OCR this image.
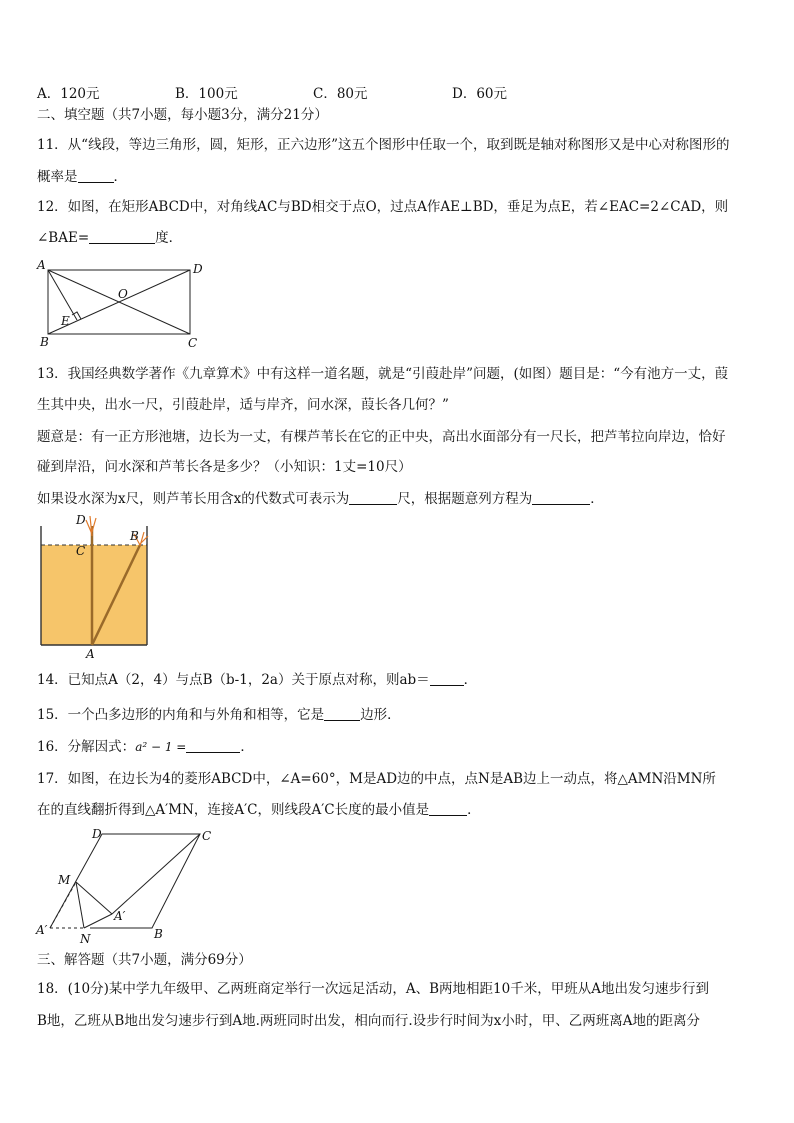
A．120元	B．100元	C．80元	D．60元
二、填空题（共7小题，每小题3分，满分21分）
11．从“线段，等边三角形，圆，矩形，正六边形”这五个图形中任取一个，取到既是轴对称图形又是中心对称图形的
概率是	．
12．如图，在矩形ABCD中，对角线AC与BD相交于点O，过点A作AE⊥BD，垂足为点E，若∠EAC=2∠CAD，则
∠BAE=	度．
A	D
B	C
O
E
13．我国经典数学著作《九章算术》中有这样一道名题，就是“引葭赴岸”问题，(如图）题目是：“今有池方一丈，葭
生其中央，出水一尺，引葭赴岸，适与岸齐，问水深，葭长各几何？”
题意是：有一正方形池塘，边长为一丈，有棵芦苇长在它的正中央，高出水面部分有一尺长，把芦苇拉向岸边，恰好
碰到岸沿，问水深和芦苇长各是多少？（小知识：1丈=10尺）
如果设水深为x尺，则芦苇长用含x的代数式可表示为	尺，根据题意列方程为	．
D
C
B
A
14．已知点A（2，4）与点B（b-1，2a）关于原点对称，则ab＝	．
15．一个凸多边形的内角和与外角和相等，它是	边形．
16．分解因式：a² − 1 =	．
17．如图，在边长为4的菱形ABCD中，∠A=60°，M是AD边的中点，点N是AB边上一动点，将△AMN沿MN所
在的直线翻折得到△A′MN，连接A′C，则线段A′C长度的最小值是	．
D	C
M
A′
A′
N	B
三、解答题（共7小题，满分69分）
18．(10分)某中学九年级甲、乙两班商定举行一次远足活动，A、B两地相距10千米，甲班从A地出发匀速步行到
B地，乙班从B地出发匀速步行到A地.两班同时出发，相向而行.设步行时间为x小时，甲、乙两班离A地的距离分
